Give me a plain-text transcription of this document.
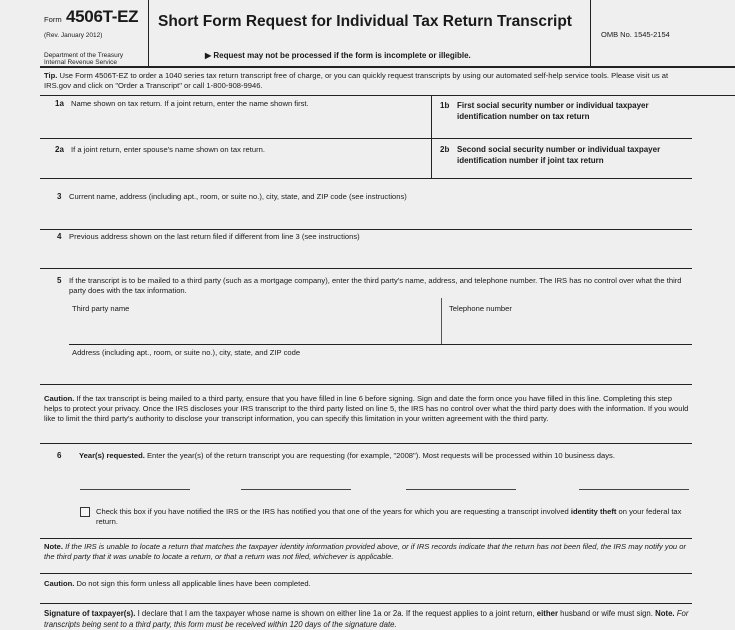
Form 4506T-EZ
(Rev. January 2012)
Department of the Treasury
Internal Revenue Service
Short Form Request for Individual Tax Return Transcript
▶ Request may not be processed if the form is incomplete or illegible.
OMB No. 1545-2154
Tip. Use Form 4506T-EZ to order a 1040 series tax return transcript free of charge, or you can quickly request transcripts by using our automated self-help service tools. Please visit us at IRS.gov and click on "Order a Transcript" or call 1-800-908-9946.
1a Name shown on tax return. If a joint return, enter the name shown first.	1b First social security number or individual taxpayer identification number on tax return
2a If a joint return, enter spouse's name shown on tax return.	2b Second social security number or individual taxpayer identification number if joint tax return
3 Current name, address (including apt., room, or suite no.), city, state, and ZIP code (see instructions)
4 Previous address shown on the last return filed if different from line 3 (see instructions)
5 If the transcript is to be mailed to a third party (such as a mortgage company), enter the third party's name, address, and telephone number. The IRS has no control over what the third party does with the tax information.
Third party name	Telephone number
Address (including apt., room, or suite no.), city, state, and ZIP code
Caution. If the tax transcript is being mailed to a third party, ensure that you have filled in line 6 before signing. Sign and date the form once you have filled in this line. Completing this step helps to protect your privacy. Once the IRS discloses your IRS transcript to the third party listed on line 5, the IRS has no control over what the third party does with the information. If you would like to limit the third party's authority to disclose your transcript information, you can specify this limitation in your written agreement with the third party.
6 Year(s) requested. Enter the year(s) of the return transcript you are requesting (for example, "2008"). Most requests will be processed within 10 business days.
Check this box if you have notified the IRS or the IRS has notified you that one of the years for which you are requesting a transcript involved identity theft on your federal tax return.
Note. If the IRS is unable to locate a return that matches the taxpayer identity information provided above, or if IRS records indicate that the return has not been filed, the IRS may notify you or the third party that it was unable to locate a return, or that a return was not filed, whichever is applicable.
Caution. Do not sign this form unless all applicable lines have been completed.
Signature of taxpayer(s). I declare that I am the taxpayer whose name is shown on either line 1a or 2a. If the request applies to a joint return, either husband or wife must sign. Note. For transcripts being sent to a third party, this form must be received within 120 days of the signature date.
